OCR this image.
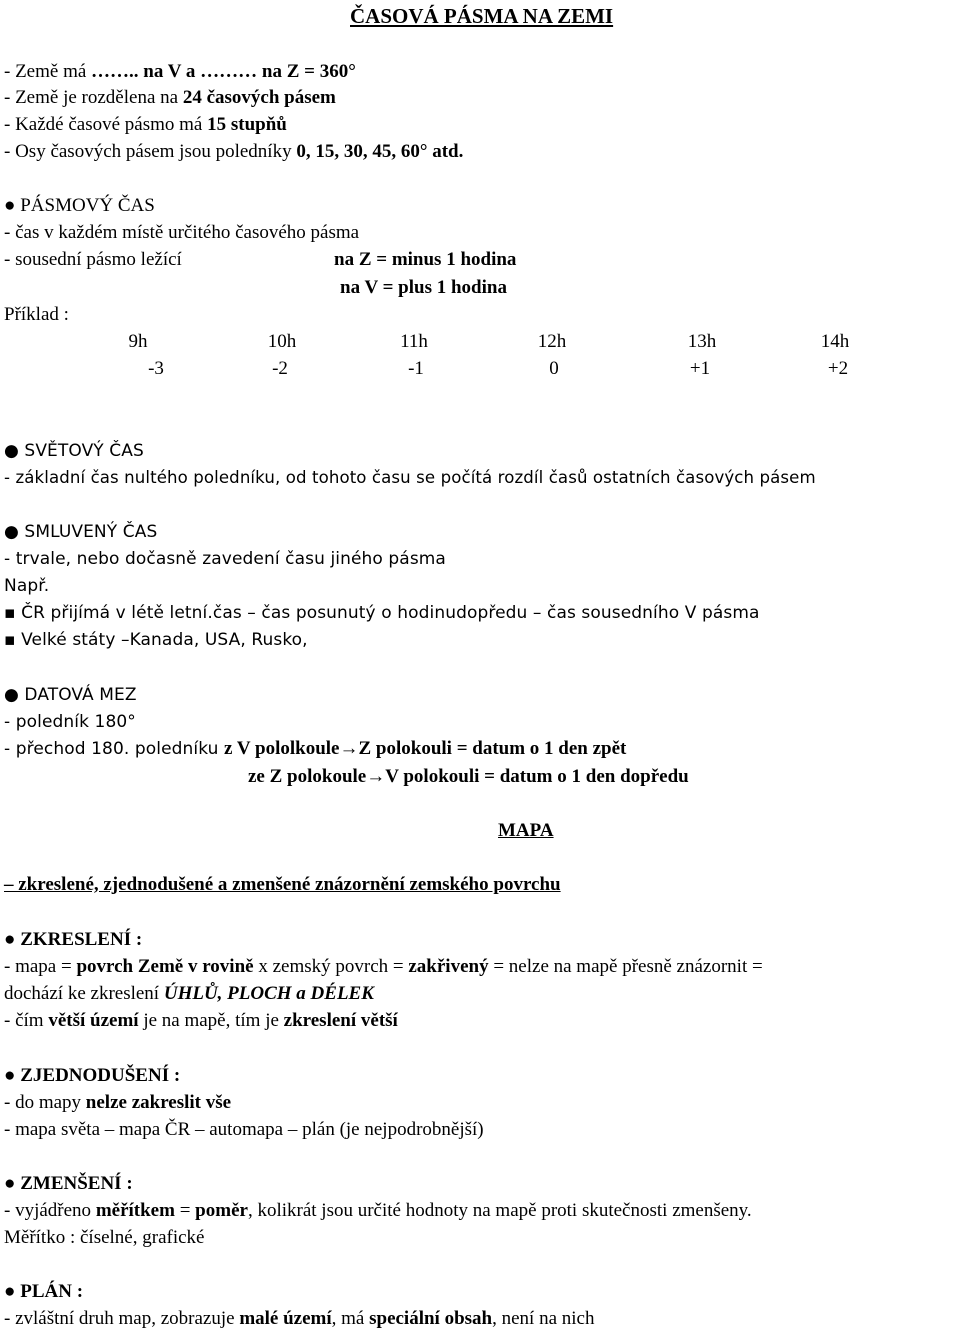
ČASOVÁ PÁSMA NA ZEMI
- Země má …….. na V a ……… na Z = 360°
- Země je rozdělena na 24 časových pásem
- Každé časové pásmo má 15 stupňů
- Osy časových pásem jsou poledníky 0, 15, 30, 45, 60° atd.
● PÁSMOVÝ ČAS
- čas v každém místě určitého časového pásma
- sousední pásmo ležící	na Z = minus 1 hodina
na V = plus 1 hodina
Příklad :
9h	10h	11h	12h	13h	14h
-3	-2	-1	0	+1	+2
● SVĚTOVÝ ČAS
- základní čas nultého poledníku, od tohoto času se počítá rozdíl časů ostatních časových pásem
● SMLUVENÝ ČAS
- trvale, nebo dočasně zavedení času jiného pásma
Např.
▪ ČR přijímá v létě letní.čas – čas posunutý o hodinudopředu – čas sousedního V pásma
▪ Velké státy –Kanada, USA, Rusko,
● DATOVÁ MEZ
- poledník 180°
- přechod 180. poledníku z V pololkoule→Z polokouli = datum o 1 den zpět
ze Z polokoule→V polokouli = datum o 1 den dopředu
MAPA
– zkreslené, zjednodušené a zmenšené znázornění zemského povrchu
● ZKRESLENÍ :
- mapa = povrch Země v rovině x zemský povrch = zakřivený = nelze na mapě přesně znázornit =
dochází ke zkreslení ÚHLŮ, PLOCH a DÉLEK
- čím větší území je na mapě, tím je zkreslení větší
● ZJEDNODUŠENÍ :
- do mapy nelze zakreslit vše
- mapa světa – mapa ČR – automapa – plán (je nejpodrobnější)
● ZMENŠENÍ :
- vyjádřeno měřítkem = poměr, kolikrát jsou určité hodnoty na mapě proti skutečnosti zmenšeny.
Měřítko : číselné, grafické
● PLÁN :
- zvláštní druh map, zobrazuje malé území, má speciální obsah, není na nich
